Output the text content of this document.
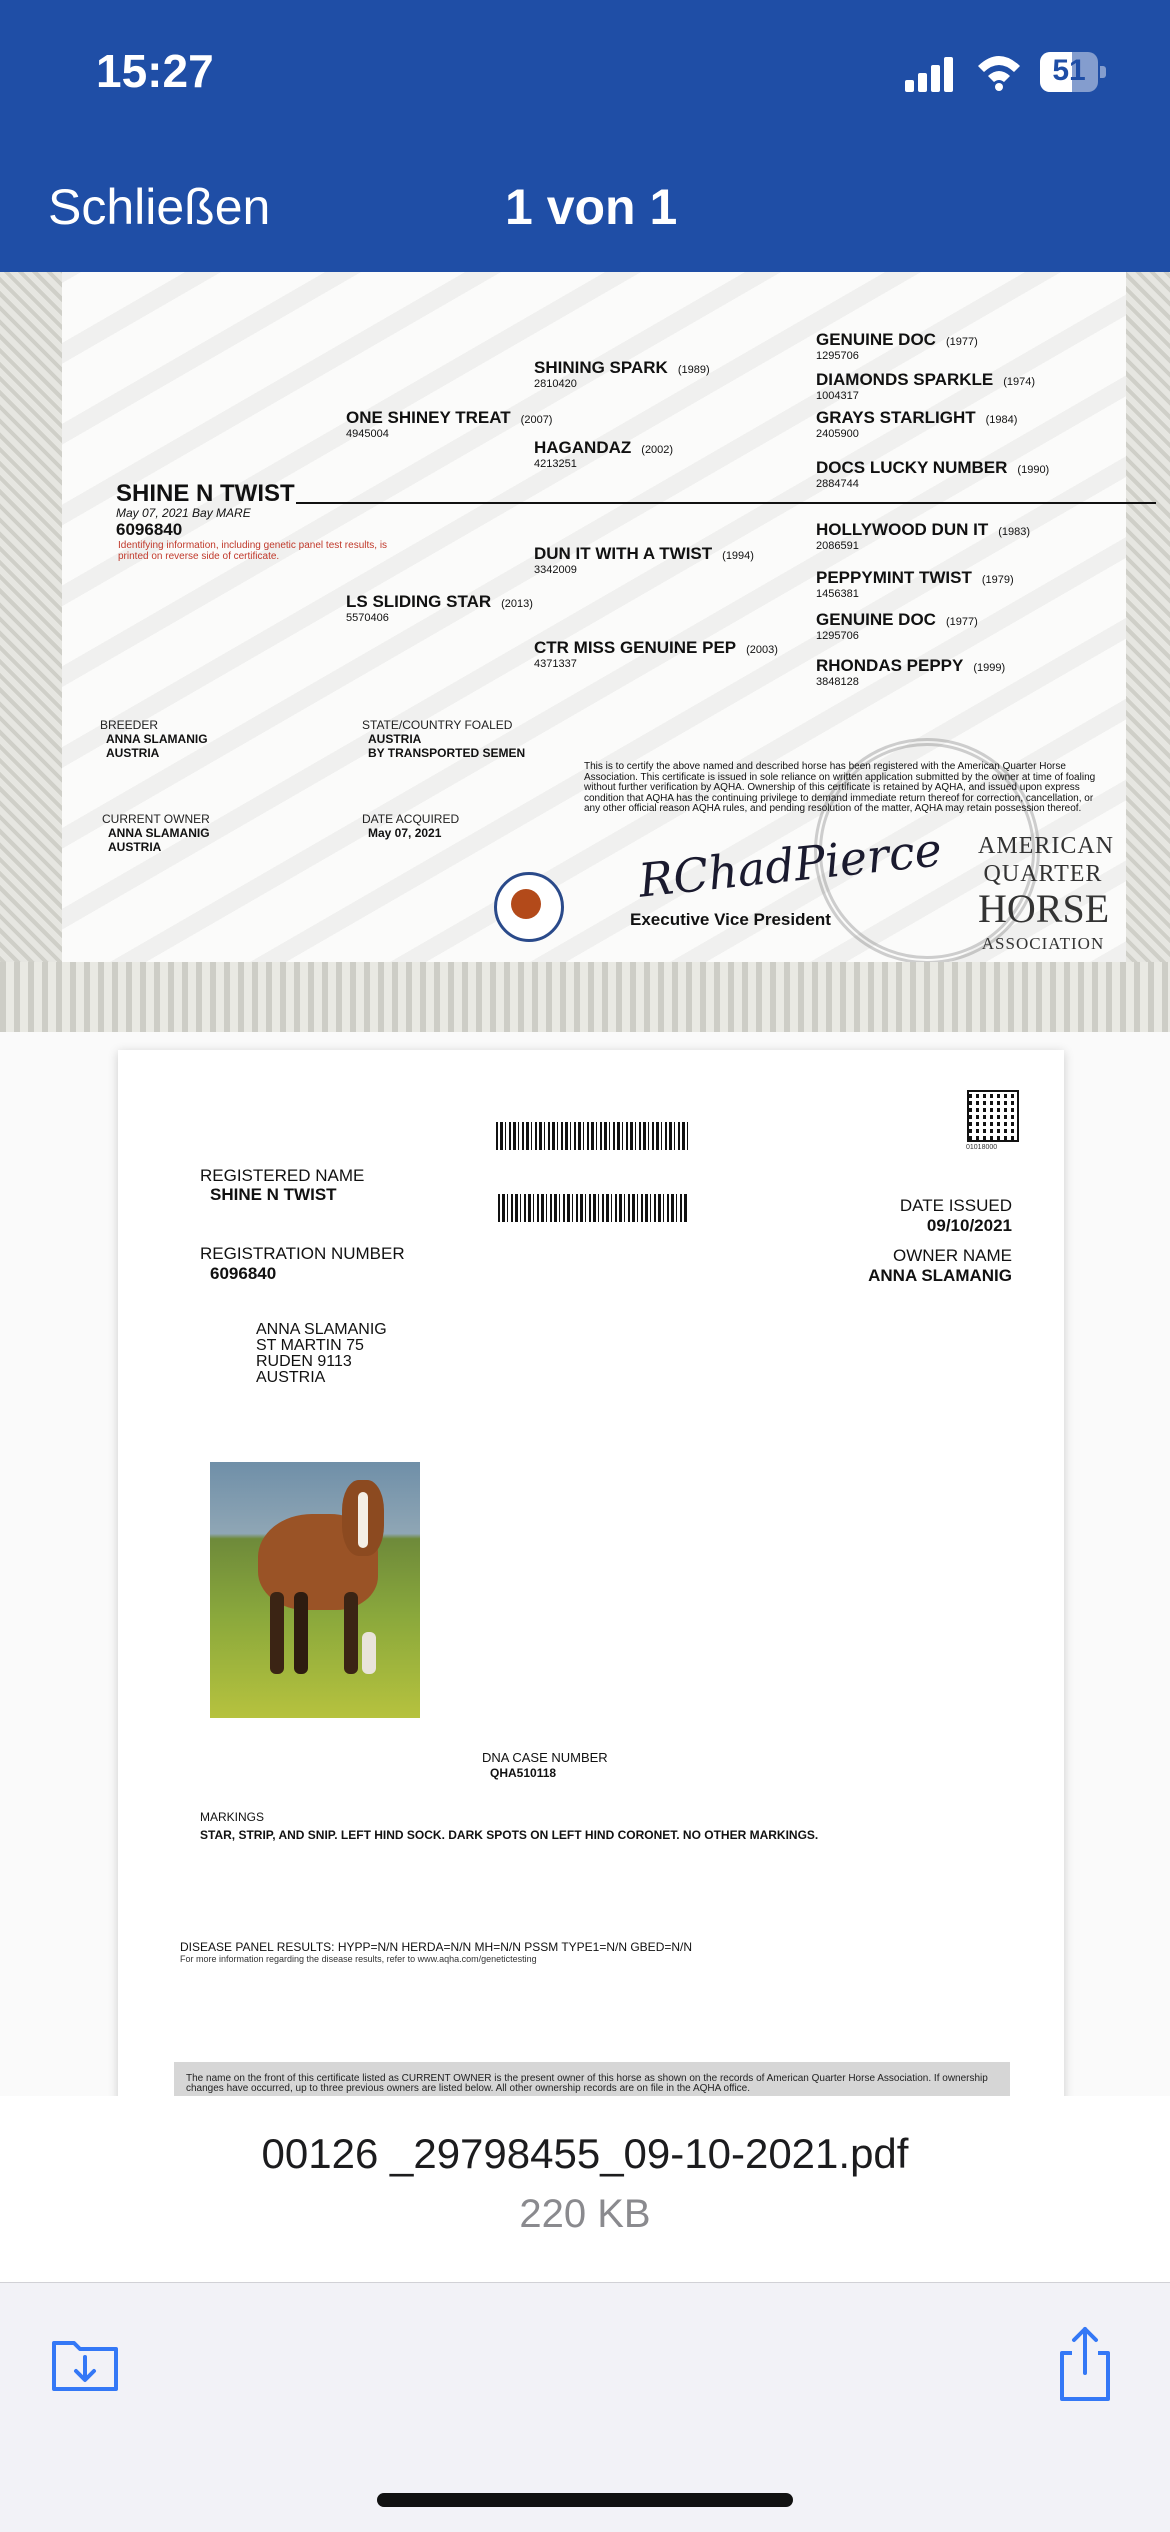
15:27	51
Schließen	1 von 1
ONE SHINEY TREAT (2007)
4945004
SHINING SPARK (1989)
2810420
HAGANDAZ (2002)
4213251
GENUINE DOC (1977)
1295706
DIAMONDS SPARKLE (1974)
1004317
GRAYS STARLIGHT (1984)
2405900
DOCS LUCKY NUMBER (1990)
2884744
LS SLIDING STAR (2013)
5570406
DUN IT WITH A TWIST (1994)
3342009
CTR MISS GENUINE PEP (2003)
4371337
HOLLYWOOD DUN IT (1983)
2086591
PEPPYMINT TWIST (1979)
1456381
GENUINE DOC (1977)
1295706
RHONDAS PEPPY (1999)
3848128
SHINE N TWIST
May 07, 2021 Bay MARE
6096840
Identifying information, including genetic panel test results, is printed on reverse side of certificate.
BREEDER
ANNA SLAMANIG
AUSTRIA
STATE/COUNTRY FOALED
AUSTRIA
BY TRANSPORTED SEMEN
CURRENT OWNER
ANNA SLAMANIG
AUSTRIA
DATE ACQUIRED
May 07, 2021
This is to certify the above named and described horse has been registered with the American Quarter Horse Association. This certificate is issued in sole reliance on written application submitted by the owner at time of foaling without further verification by AQHA. Ownership of this certificate is retained by AQHA, and issued upon express condition that AQHA has the continuing privilege to demand immediate return thereof for correction, cancellation, or any other official reason AQHA rules, and pending resolution of the matter, AQHA may retain possession thereof.
RChadPierce
Executive Vice President
AMERICAN
QUARTER
HORSE
ASSOCIATION
01018000
REGISTERED NAME
SHINE N TWIST
REGISTRATION NUMBER
6096840
DATE ISSUED
09/10/2021
OWNER NAME
ANNA SLAMANIG
ANNA SLAMANIG
ST MARTIN 75
RUDEN 9113
AUSTRIA
DNA CASE NUMBER
QHA510118
MARKINGS
STAR, STRIP, AND SNIP. LEFT HIND SOCK. DARK SPOTS ON LEFT HIND CORONET. NO OTHER MARKINGS.
DISEASE PANEL RESULTS: HYPP=N/N HERDA=N/N MH=N/N PSSM TYPE1=N/N GBED=N/N
For more information regarding the disease results, refer to www.aqha.com/genetictesting
The name on the front of this certificate listed as CURRENT OWNER is the present owner of this horse as shown on the records of American Quarter Horse Association. If ownership changes have occurred, up to three previous owners are listed below. All other ownership records are on file in the AQHA office.
00126 _29798455_09-10-2021.pdf
220 KB
